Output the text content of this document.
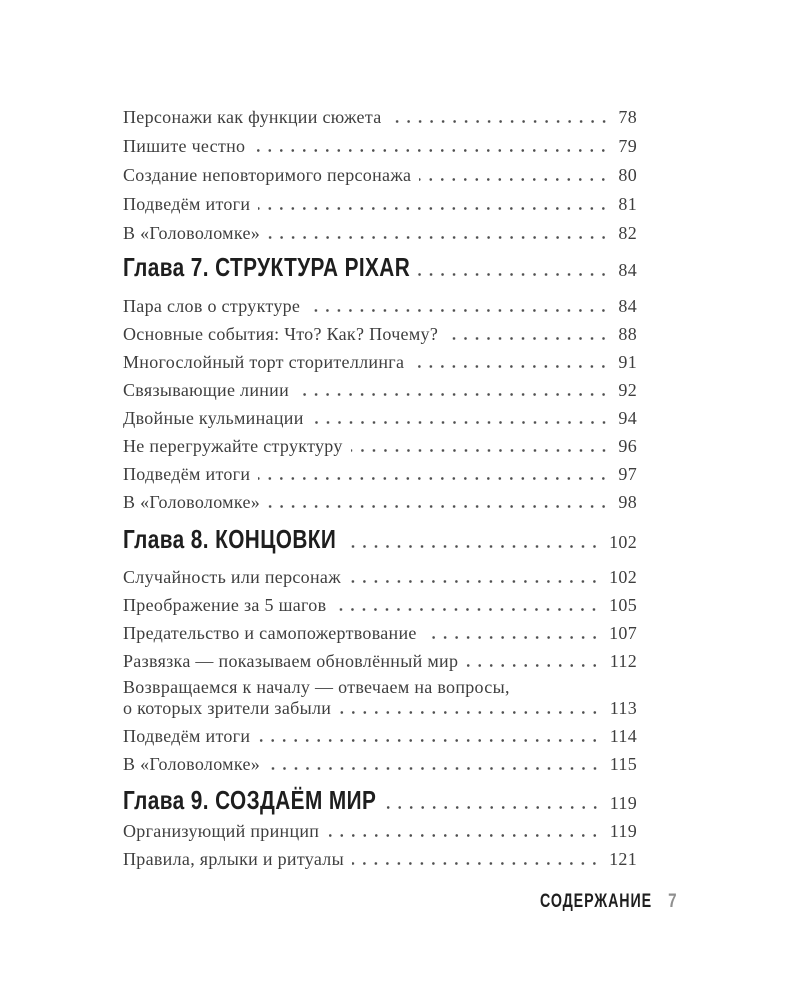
Персонажи как функции сюжета	78
Пишите честно	79
Создание неповторимого персонажа	80
Подведём итоги	81
В «Головоломке»	82
Глава 7. СТРУКТУРА PIXAR	84
Пара слов о структуре	84
Основные события: Что? Как? Почему?	88
Многослойный торт сторителлинга	91
Связывающие линии	92
Двойные кульминации	94
Не перегружайте структуру	96
Подведём итоги	97
В «Головоломке»	98
Глава 8. КОНЦОВКИ	102
Случайность или персонаж	102
Преображение за 5 шагов	105
Предательство и самопожертвование	107
Развязка — показываем обновлённый мир	112
Возвращаемся к началу — отвечаем на вопросы,
о которых зрители забыли	113
Подведём итоги	114
В «Головоломке»	115
Глава 9. СОЗДАЁМ МИР	119
Организующий принцип	119
Правила, ярлыки и ритуалы	121
СОДЕРЖАНИЕ 7
